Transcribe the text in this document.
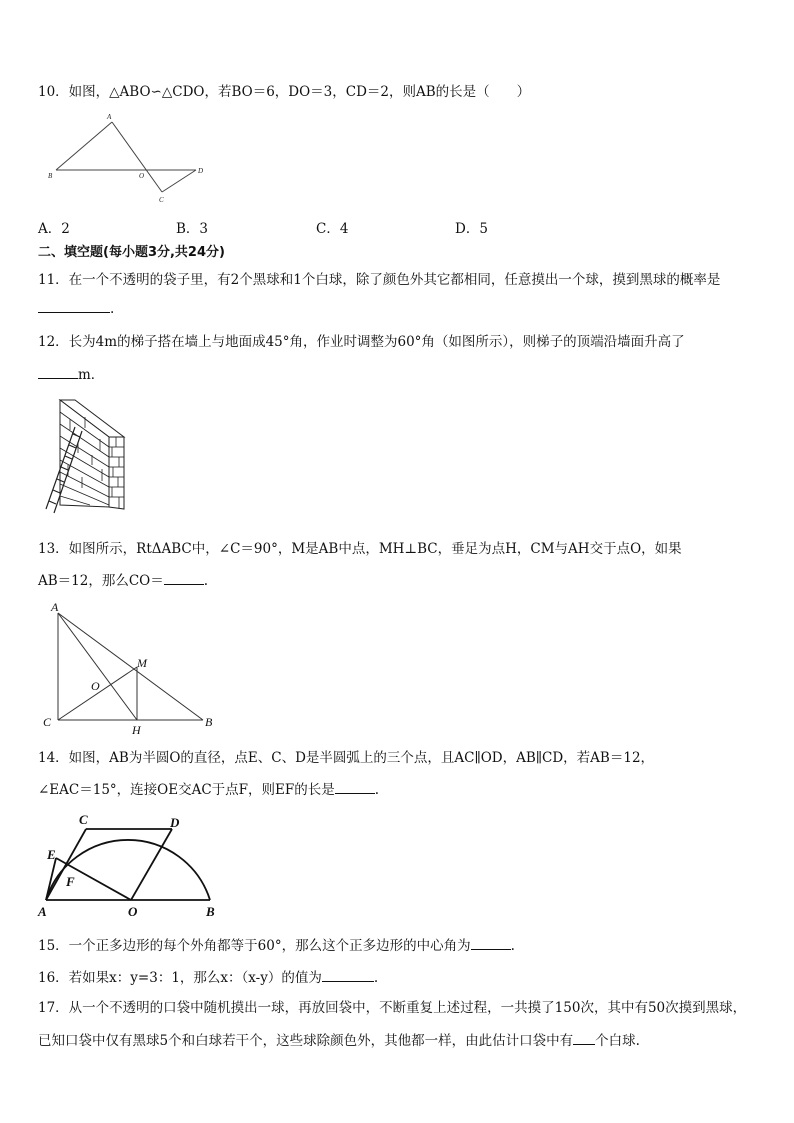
10．如图，△ABO∽△CDO，若BO＝6，DO＝3，CD＝2，则AB的长是（　　）
A
B	O
D
C
A．2	B．3	C．4	D．5
二、填空题(每小题3分,共24分)
11．在一个不透明的袋子里，有2个黑球和1个白球，除了颜色外其它都相同，任意摸出一个球，摸到黑球的概率是
.
12．长为4m的梯子搭在墙上与地面成45°角，作业时调整为60°角（如图所示），则梯子的顶端沿墙面升高了
m．
13．如图所示，RtΔABC中，∠C＝90°，M是AB中点，MH⊥BC，垂足为点H，CM与AH交于点O，如果
AB＝12，那么CO＝	.
A
M
O
C
H
B
14．如图，AB为半圆O的直径，点E、C、D是半圆弧上的三个点，且AC∥OD，AB∥CD，若AB＝12，
∠EAC＝15°，连接OE交AC于点F，则EF的长是	.
C	D
E
F
A	O	B
15．一个正多边形的每个外角都等于60°，那么这个正多边形的中心角为	.
16．若如果x：y=3：1，那么x：（x-y）的值为	.
17．从一个不透明的口袋中随机摸出一球，再放回袋中，不断重复上述过程，一共摸了150次，其中有50次摸到黑球，
已知口袋中仅有黑球5个和白球若干个，这些球除颜色外，其他都一样，由此估计口袋中有 个白球.
